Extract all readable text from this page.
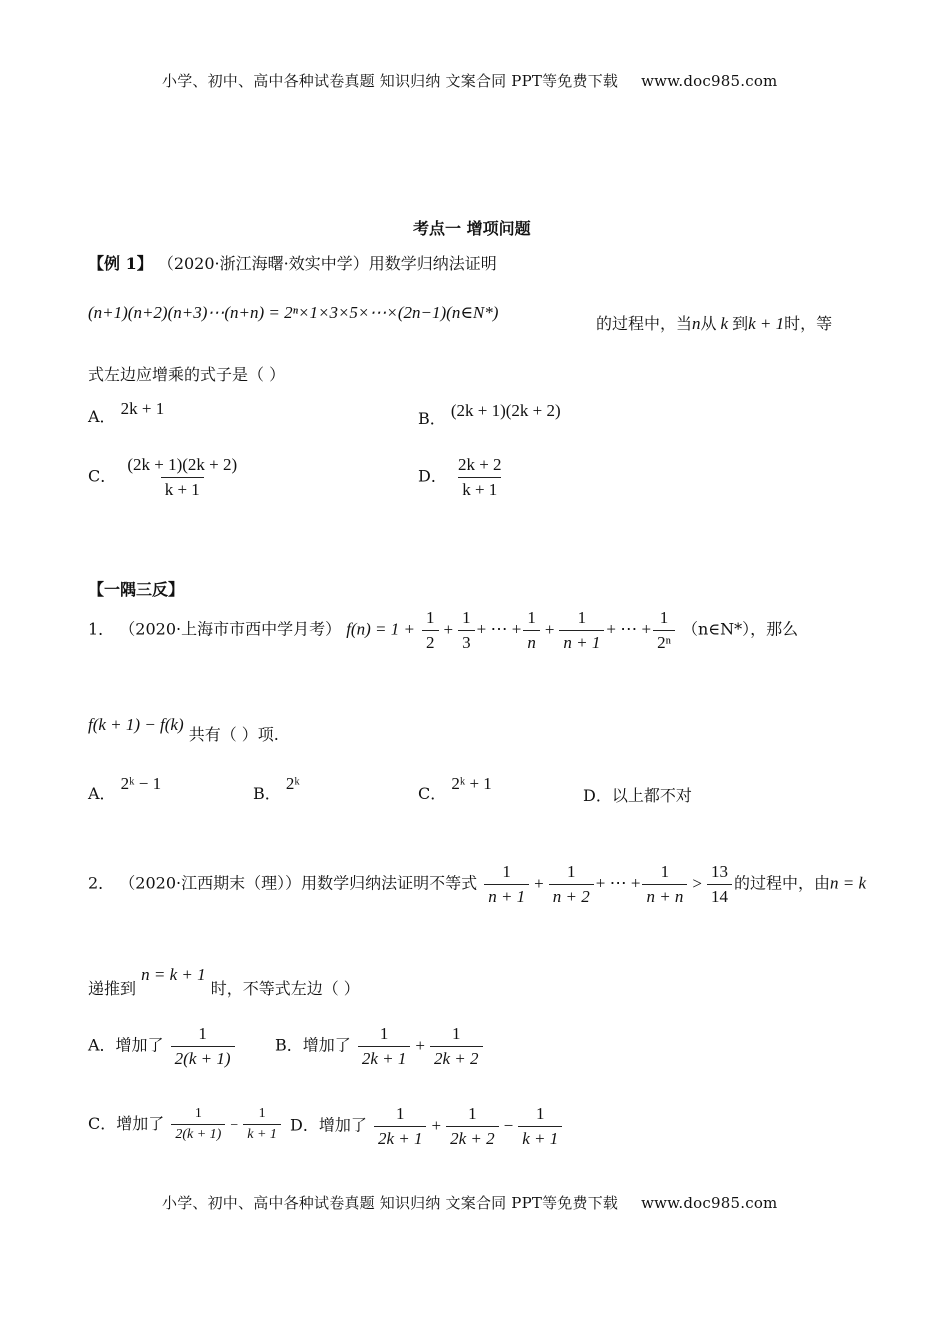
小学、初中、高中各种试卷真题 知识归纳 文案合同 PPT等免费下载 www.doc985.com
考点一 增项问题
【例 1】 （2020·浙江海曙·效实中学）用数学归纳法证明
(n+1)(n+2)(n+3)⋯(n+n) = 2ⁿ×1×3×5×⋯×(2n−1)(n∈N*)
的过程中，当n从 k 到k + 1时，等
式左边应增乘的式子是（ ）
A． 2k + 1
B． (2k + 1)(2k + 2)
C． $\frac{(2k + 1)(2k + 2)}{k + 1}$	D． $\frac{2k + 2}{k + 1}$
【一隅三反】
1． （2020·上海市市西中学月考） $f(n) = 1 + \frac{1}{2} + \frac{1}{3}$ + ⋯ + $\frac{1}{n} + \frac{1}{n + 1}$ + ⋯ + $\frac{1}{\text{2ⁿ}}$ （n∈N*），那么
f(k + 1) − f(k) 共有（ ）项.
A． 2ᵏ − 1
B． 2ᵏ
C． 2ᵏ + 1
D．以上都不对
2． （2020·江西期末（理））用数学归纳法证明不等式 $\frac{1}{n + 1} + \frac{1}{n + 2}$ + ⋯ + $\frac{1}{n + n} > \frac{13}{14}$ 的过程中，由n = k
递推到 n = k + 1 时，不等式左边（ ）
A．增加了 $\frac{1}{2(k + 1)}$	B．增加了 $\frac{1}{2k + 1} + \frac{1}{2k + 2}$
C．增加了 $\frac{1}{2(k + 1)} - \frac{1}{k + 1}$ D．增加了 $\frac{1}{2k + 1} + \frac{1}{2k + 2} - \frac{1}{k + 1}$
小学、初中、高中各种试卷真题 知识归纳 文案合同 PPT等免费下载 www.doc985.com
